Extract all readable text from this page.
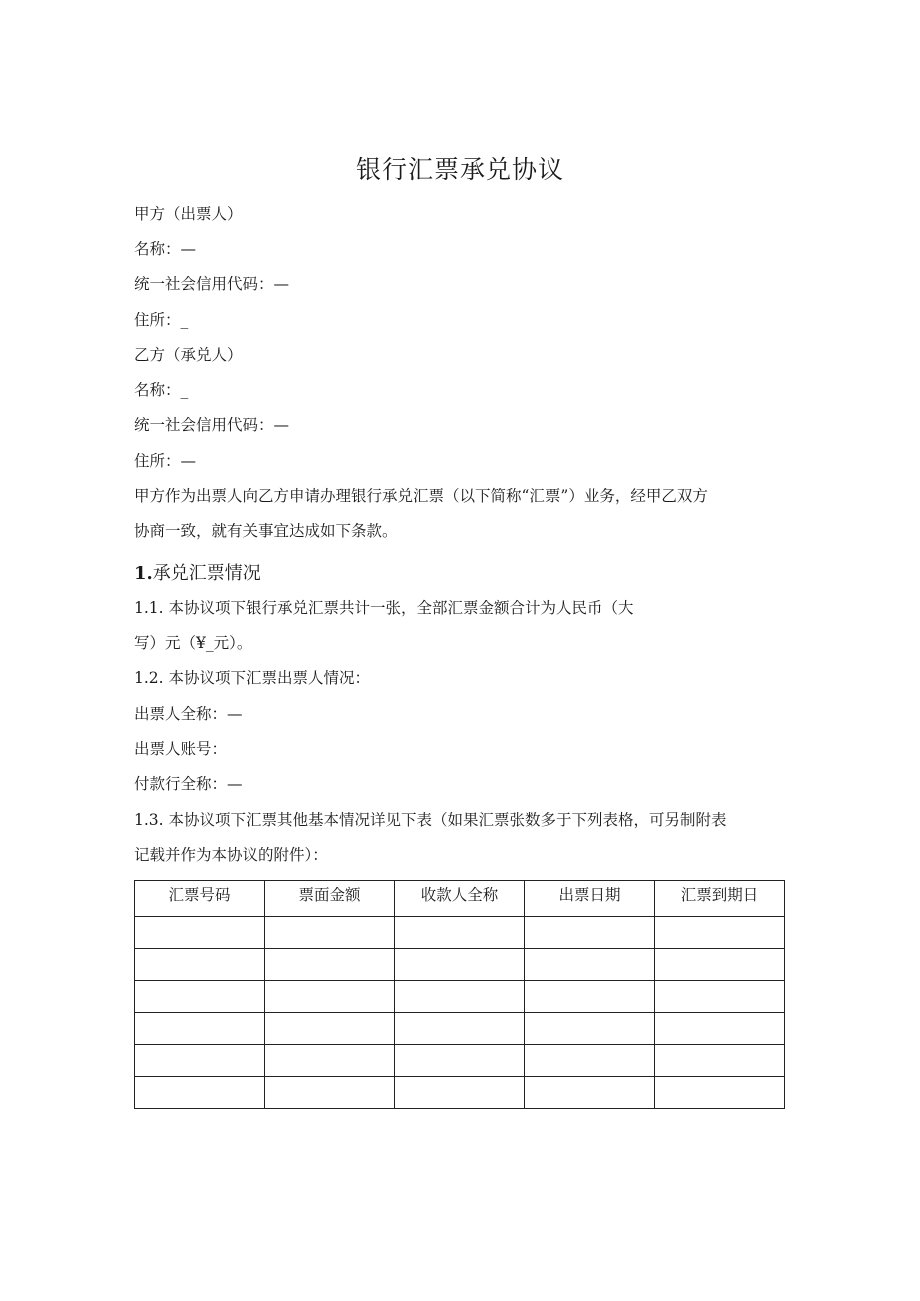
银行汇票承兑协议
甲方（出票人）
名称：—
统一社会信用代码：—
住所：_
乙方（承兑人）
名称：_
统一社会信用代码：—
住所：—
甲方作为出票人向乙方申请办理银行承兑汇票（以下简称“汇票”）业务，经甲乙双方
协商一致，就有关事宜达成如下条款。
1.承兑汇票情况
1.1. 本协议项下银行承兑汇票共计一张，全部汇票金额合计为人民币（大
写）元（¥_元）。
1.2. 本协议项下汇票出票人情况：
出票人全称：—
出票人账号：
付款行全称：—
1.3. 本协议项下汇票其他基本情况详见下表（如果汇票张数多于下列表格，可另制附表
记载并作为本协议的附件）：
汇票号码	票面金额	收款人全称	出票日期	汇票到期日
